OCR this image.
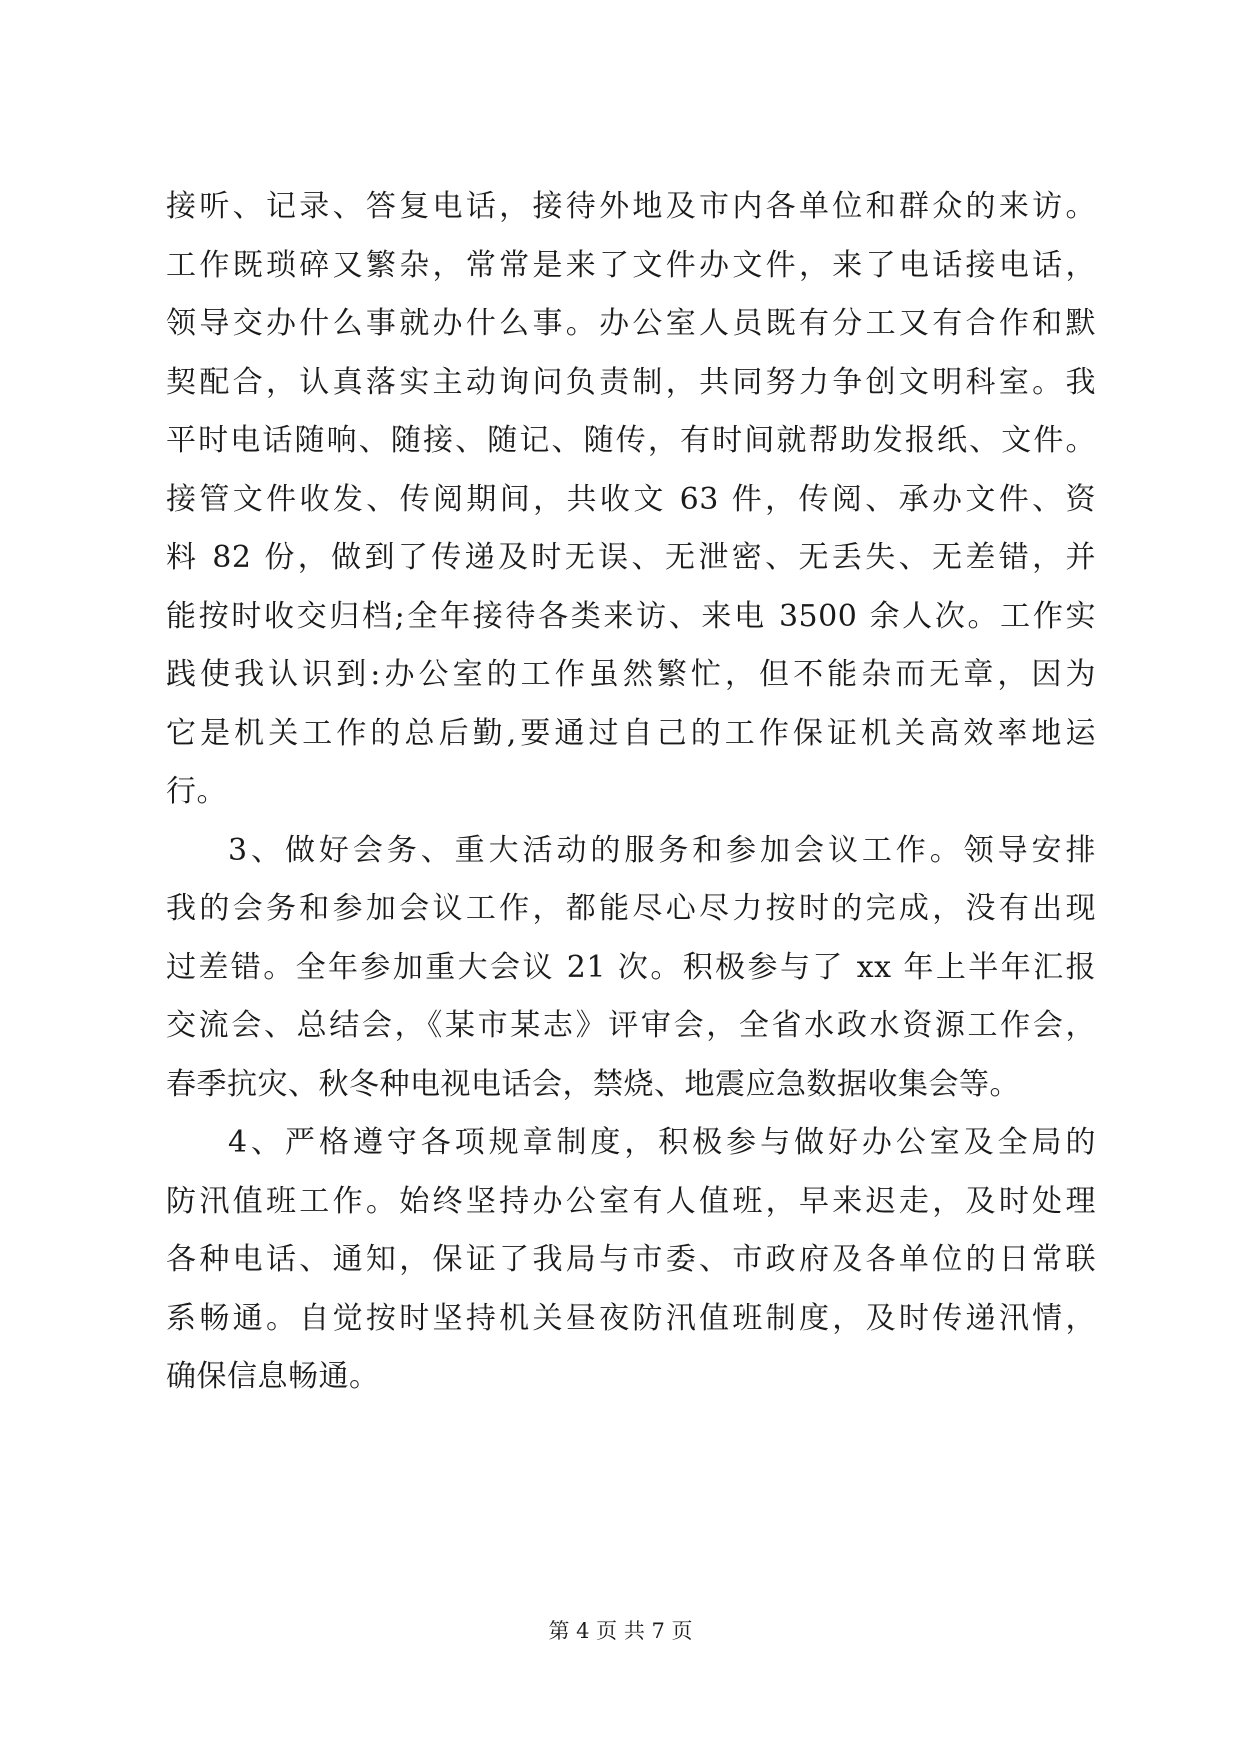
接听、记录、答复电话，接待外地及市内各单位和群众的来访。
工作既琐碎又繁杂，常常是来了文件办文件，来了电话接电话，
领导交办什么事就办什么事。办公室人员既有分工又有合作和默
契配合，认真落实主动询问负责制，共同努力争创文明科室。我
平时电话随响、随接、随记、随传，有时间就帮助发报纸、文件。
接管文件收发、传阅期间，共收文 63 件，传阅、承办文件、资
料 82 份，做到了传递及时无误、无泄密、无丢失、无差错，并
能按时收交归档;全年接待各类来访、来电 3500 余人次。工作实
践使我认识到:办公室的工作虽然繁忙，但不能杂而无章，因为
它是机关工作的总后勤,要通过自己的工作保证机关高效率地运
行。
3、做好会务、重大活动的服务和参加会议工作。领导安排
我的会务和参加会议工作，都能尽心尽力按时的完成，没有出现
过差错。全年参加重大会议 21 次。积极参与了 xx 年上半年汇报
交流会、总结会，《某市某志》评审会，全省水政水资源工作会，
春季抗灾、秋冬种电视电话会，禁烧、地震应急数据收集会等。
4、严格遵守各项规章制度，积极参与做好办公室及全局的
防汛值班工作。始终坚持办公室有人值班，早来迟走，及时处理
各种电话、通知，保证了我局与市委、市政府及各单位的日常联
系畅通。自觉按时坚持机关昼夜防汛值班制度，及时传递汛情，
确保信息畅通。
第 4 页 共 7 页
